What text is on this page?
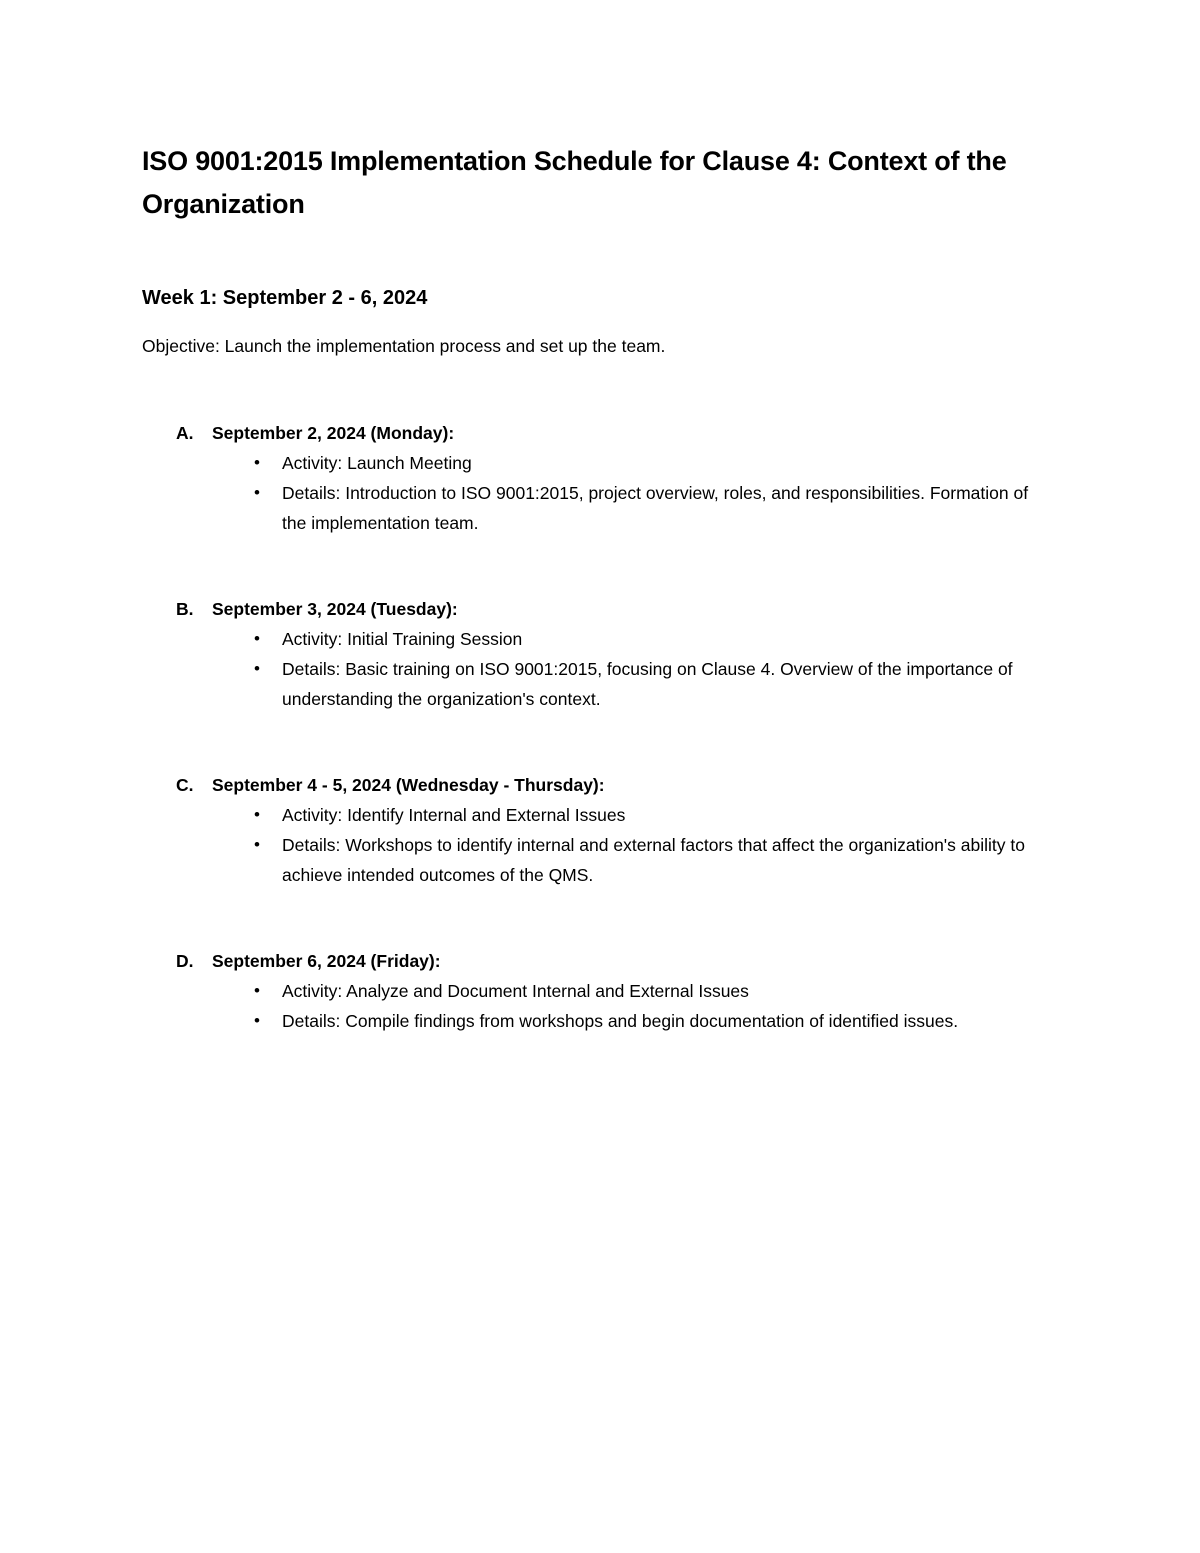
ISO 9001:2015 Implementation Schedule for Clause 4: Context of the Organization
Week 1: September 2 - 6, 2024

Objective: Launch the implementation process and set up the team.

A. September 2, 2024 (Monday):
• Activity: Launch Meeting
• Details: Introduction to ISO 9001:2015, project overview, roles, and responsibilities. Formation of the implementation team.
B. September 3, 2024 (Tuesday):
• Activity: Initial Training Session
• Details: Basic training on ISO 9001:2015, focusing on Clause 4. Overview of the importance of understanding the organization's context.
C. September 4 - 5, 2024 (Wednesday - Thursday):
• Activity: Identify Internal and External Issues
• Details: Workshops to identify internal and external factors that affect the organization's ability to achieve intended outcomes of the QMS.
D. September 6, 2024 (Friday):
• Activity: Analyze and Document Internal and External Issues
• Details: Compile findings from workshops and begin documentation of identified issues.
